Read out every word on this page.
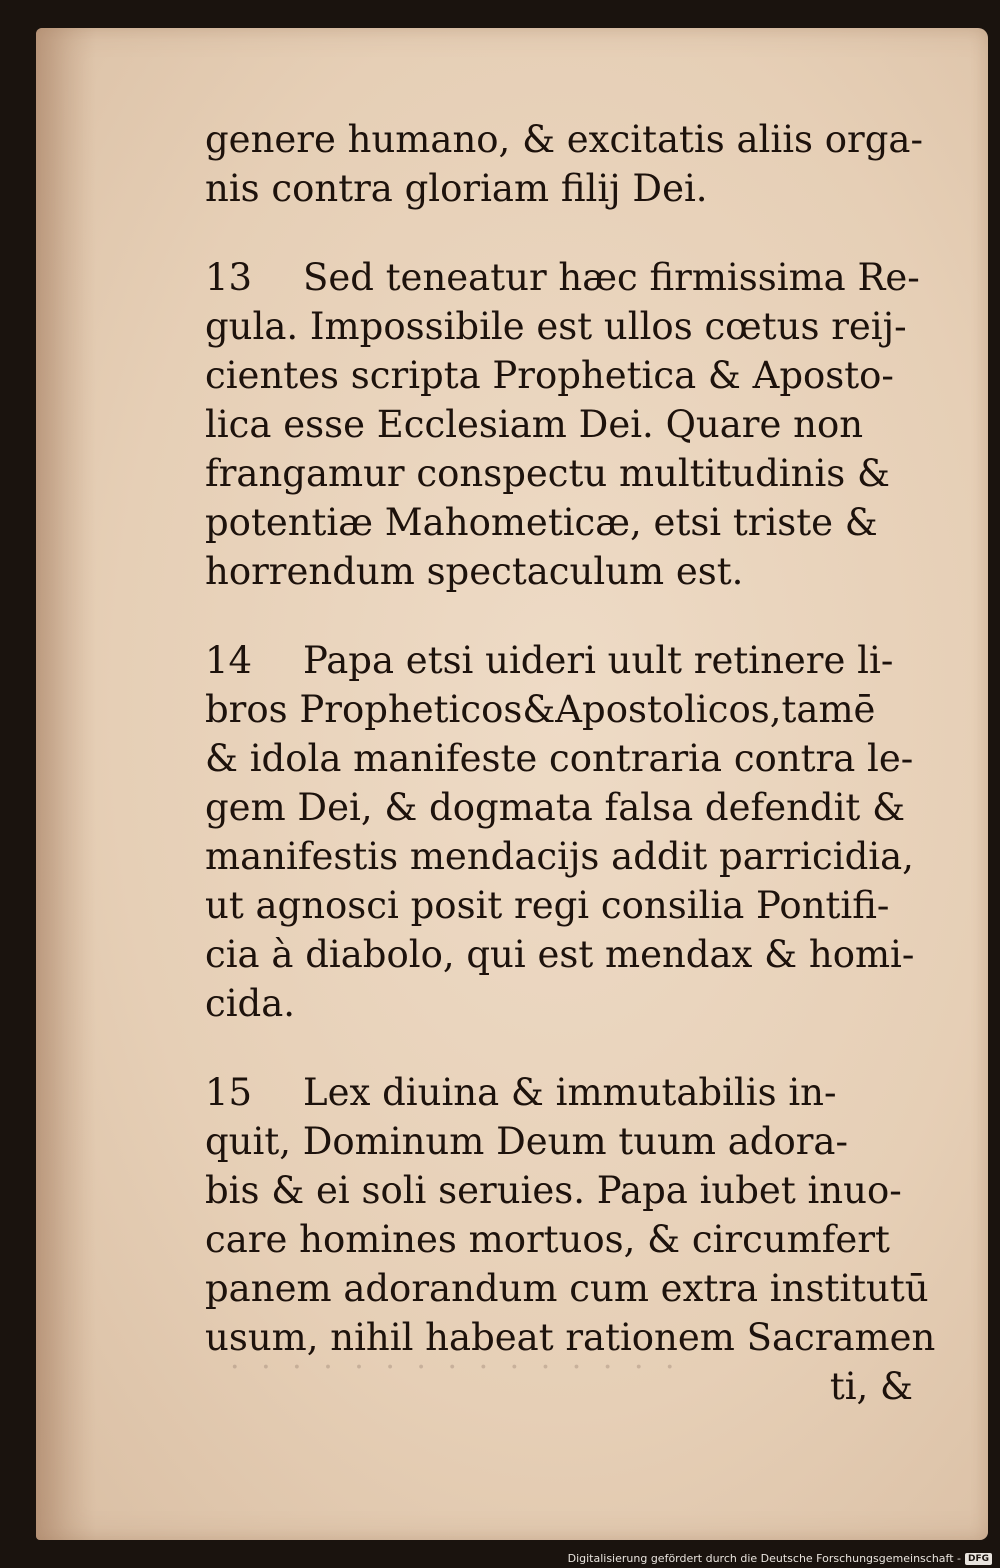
· · · · · · · · · · · · · · ·
genere humano, & excitatis aliis orga-
nis contra gloriam filij Dei.
13 Sed teneatur hæc firmissima Re-
gula. Impossibile est ullos cœtus reij-
cientes scripta Prophetica & Aposto-
lica esse Ecclesiam Dei. Quare non
frangamur conspectu multitudinis &
potentiæ Mahometicæ, etsi triste &
horrendum spectaculum est.
14 Papa etsi uideri uult retinere li-
bros Propheticos&Apostolicos,tamē
& idola manifeste contraria contra le-
gem Dei, & dogmata falsa defendit &
manifestis mendacijs addit parricidia,
ut agnosci posit regi consilia Pontifi-
cia à diabolo, qui est mendax & homi-
cida.
15 Lex diuina & immutabilis in-
quit, Dominum Deum tuum adora-
bis & ei soli seruies. Papa iubet inuo-
care homines mortuos, & circumfert
panem adorandum cum extra institutū
usum, nihil habeat rationem Sacramen
ti, &
Digitalisierung gefördert durch die Deutsche Forschungsgemeinschaft - DFG
